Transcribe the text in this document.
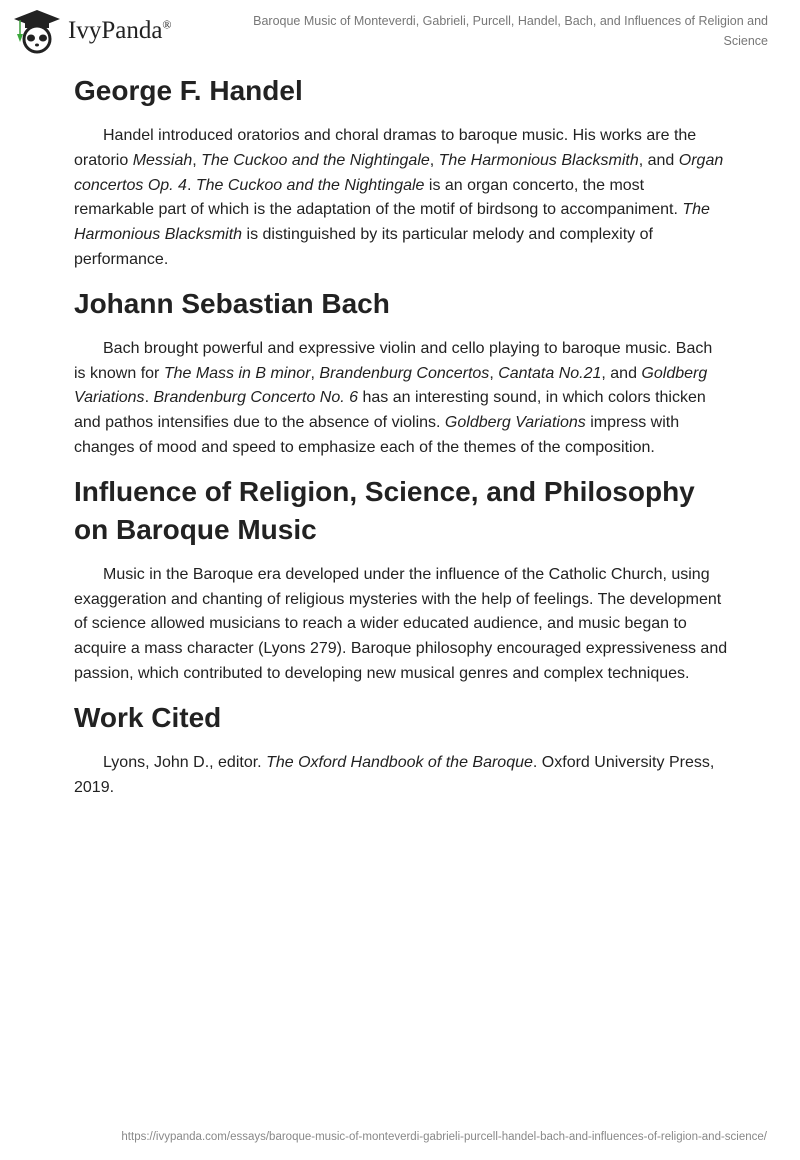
IvyPanda®	Baroque Music of Monteverdi, Gabrieli, Purcell, Handel, Bach, and Influences of Religion and Science
George F. Handel

Handel introduced oratorios and choral dramas to baroque music. His works are the oratorio Messiah, The Cuckoo and the Nightingale, The Harmonious Blacksmith, and Organ concertos Op. 4. The Cuckoo and the Nightingale is an organ concerto, the most remarkable part of which is the adaptation of the motif of birdsong to accompaniment. The Harmonious Blacksmith is distinguished by its particular melody and complexity of performance.

Johann Sebastian Bach

Bach brought powerful and expressive violin and cello playing to baroque music. Bach is known for The Mass in B minor, Brandenburg Concertos, Cantata No.21, and Goldberg Variations. Brandenburg Concerto No. 6 has an interesting sound, in which colors thicken and pathos intensifies due to the absence of violins. Goldberg Variations impress with changes of mood and speed to emphasize each of the themes of the composition.

Influence of Religion, Science, and Philosophy on Baroque Music

Music in the Baroque era developed under the influence of the Catholic Church, using exaggeration and chanting of religious mysteries with the help of feelings. The development of science allowed musicians to reach a wider educated audience, and music began to acquire a mass character (Lyons 279). Baroque philosophy encouraged expressiveness and passion, which contributed to developing new musical genres and complex techniques.

Work Cited

Lyons, John D., editor. The Oxford Handbook of the Baroque. Oxford University Press, 2019.

https://ivypanda.com/essays/baroque-music-of-monteverdi-gabrieli-purcell-handel-bach-and-influences-of-religion-and-science/
